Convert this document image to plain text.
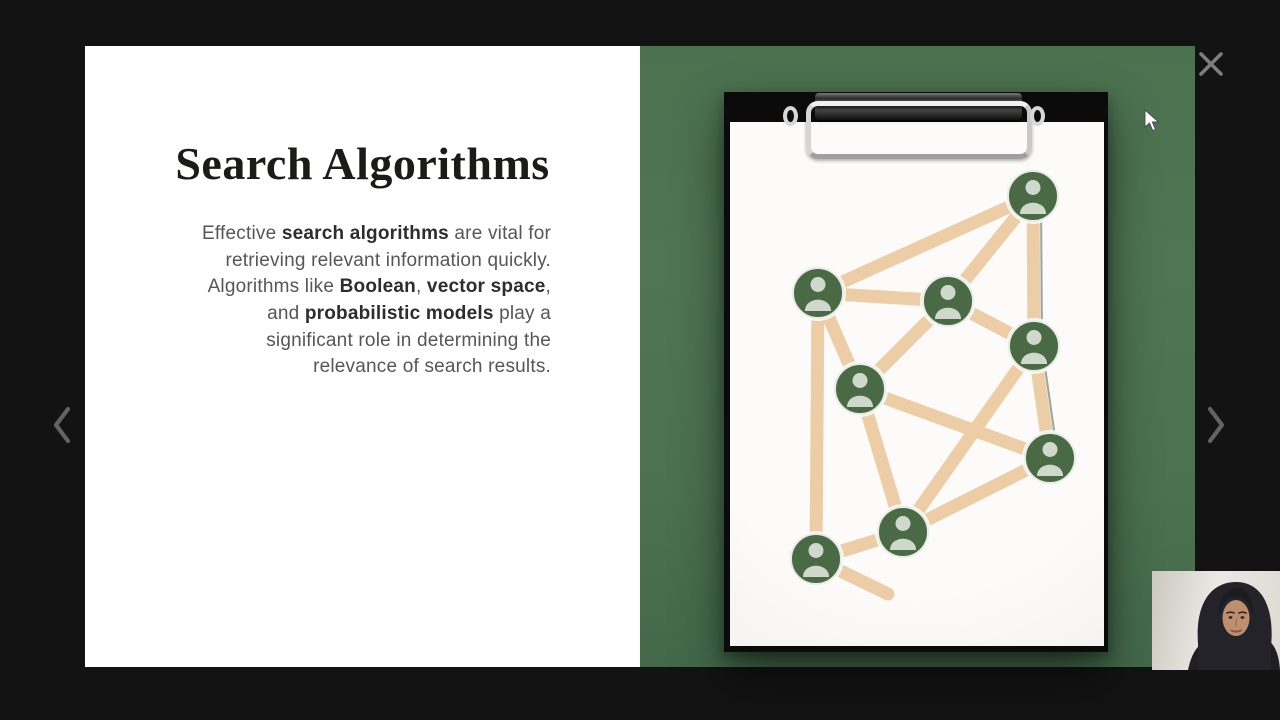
Search Algorithms
Effective search algorithms are vital for
retrieving relevant information quickly.
Algorithms like Boolean, vector space,
and probabilistic models play a
significant role in determining the
relevance of search results.
